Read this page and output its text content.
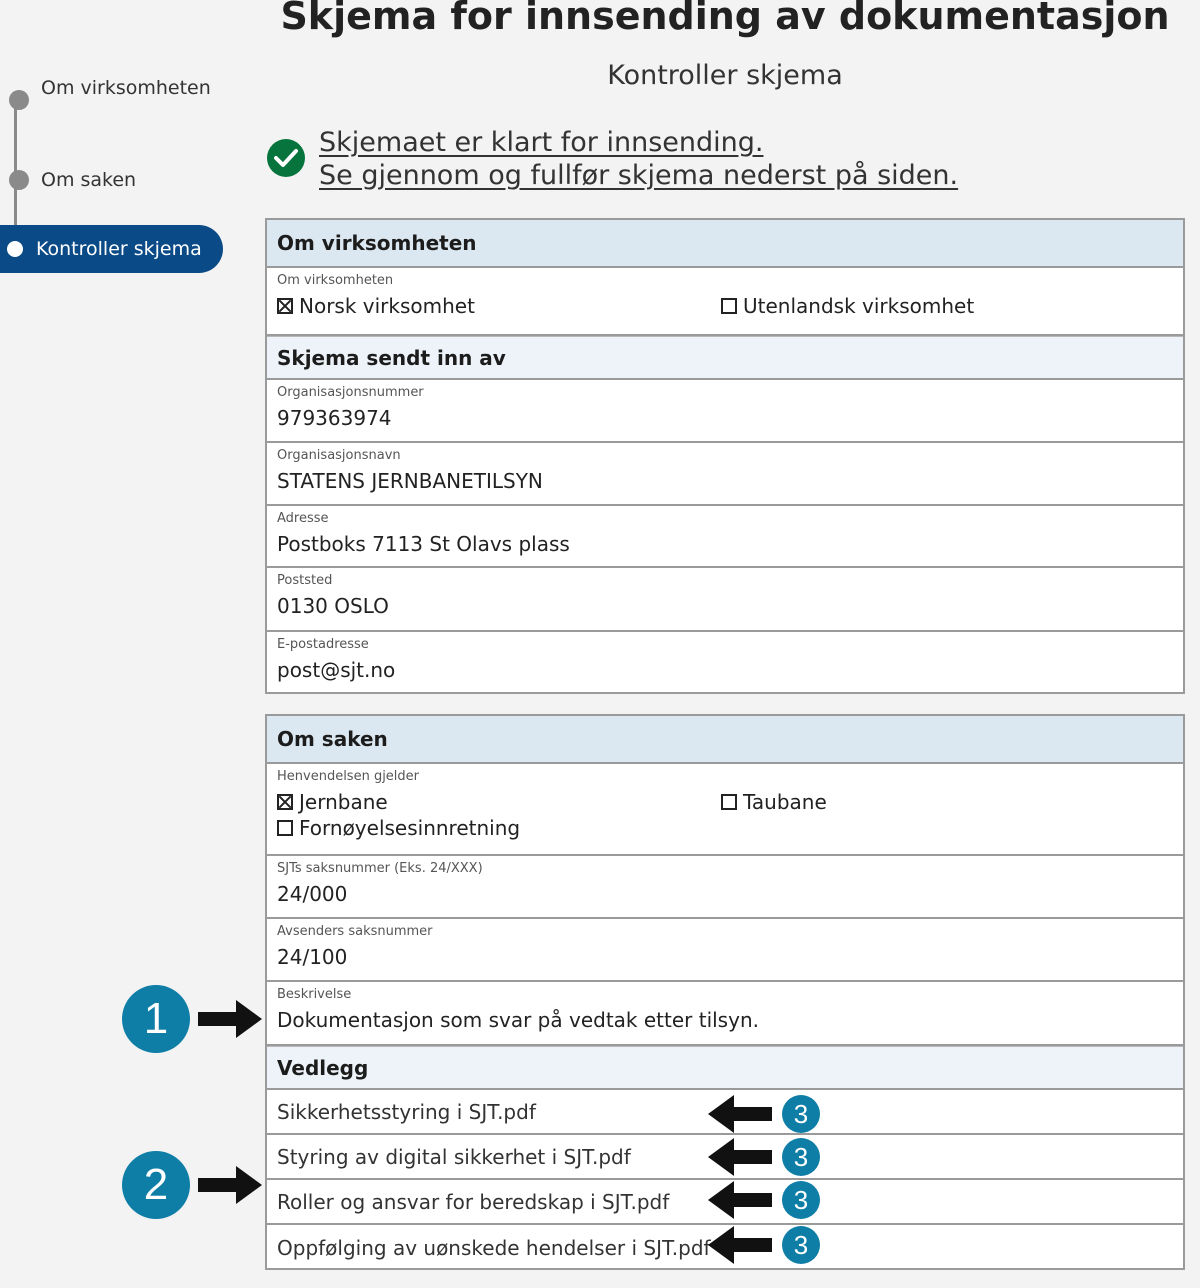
Om virksomheten
Om saken
Kontroller skjema
Skjema for innsending av dokumentasjon
Kontroller skjema
Skjemaet er klart for innsending.
Se gjennom og fullfør skjema nederst på siden.
Om virksomheten
Om virksomheten
Norsk virksomhet	Utenlandsk virksomhet
Skjema sendt inn av
Organisasjonsnummer
979363974
Organisasjonsnavn
STATENS JERNBANETILSYN
Adresse
Postboks 7113 St Olavs plass
Poststed
0130 OSLO
E-postadresse
post@sjt.no
Om saken
Henvendelsen gjelder
Jernbane	Taubane
Fornøyelsesinnretning
SJTs saksnummer (Eks. 24/XXX)
24/000
Avsenders saksnummer
24/100
Beskrivelse
Dokumentasjon som svar på vedtak etter tilsyn.
Vedlegg
Sikkerhetsstyring i SJT.pdf
Styring av digital sikkerhet i SJT.pdf
Roller og ansvar for beredskap i SJT.pdf
Oppfølging av uønskede hendelser i SJT.pdf
1
2
3
3
3
3
